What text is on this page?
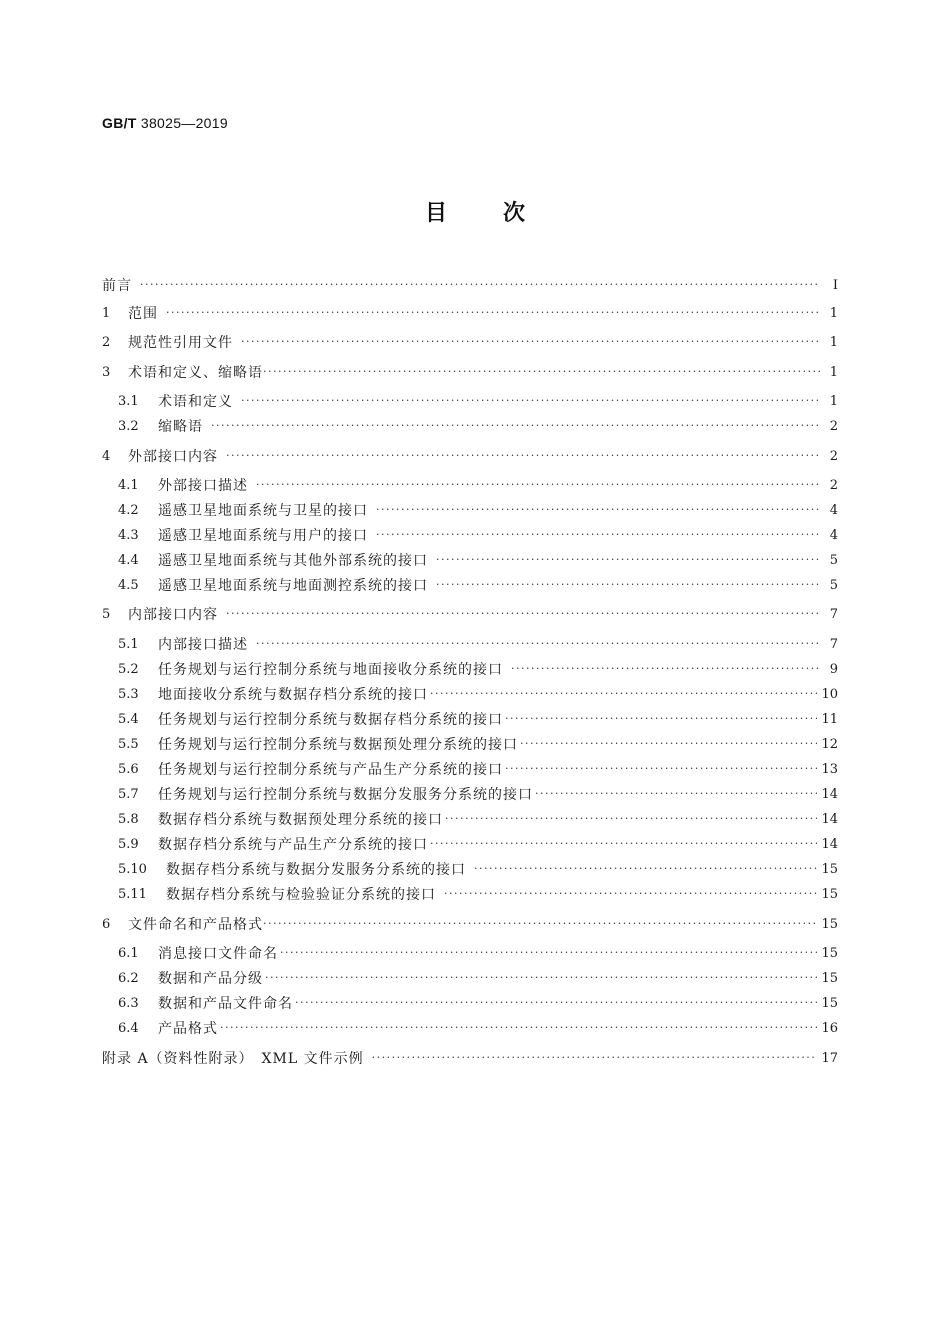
GB/T 38025—2019
目	次
前言 ·····	Ⅰ
1	范围 ·····	1
2	规范性引用文件 ·····	1
3	术语和定义、缩略语 ·····	1
3.1	术语和定义 ·····	1
3.2	缩略语 ·····	2
4	外部接口内容 ·····	2
4.1	外部接口描述 ·····	2
4.2	遥感卫星地面系统与卫星的接口 ·····	4
4.3	遥感卫星地面系统与用户的接口 ·····	4
4.4	遥感卫星地面系统与其他外部系统的接口 ·····	5
4.5	遥感卫星地面系统与地面测控系统的接口 ·····	5
5	内部接口内容 ·····	7
5.1	内部接口描述 ·····	7
5.2	任务规划与运行控制分系统与地面接收分系统的接口 ·····	9
5.3	地面接收分系统与数据存档分系统的接口 ·····	10
5.4	任务规划与运行控制分系统与数据存档分系统的接口 ·····	11
5.5	任务规划与运行控制分系统与数据预处理分系统的接口 ·····	12
5.6	任务规划与运行控制分系统与产品生产分系统的接口 ·····	13
5.7	任务规划与运行控制分系统与数据分发服务分系统的接口 ·····	14
5.8	数据存档分系统与数据预处理分系统的接口 ·····	14
5.9	数据存档分系统与产品生产分系统的接口 ·····	14
5.10	数据存档分系统与数据分发服务分系统的接口 ·····	15
5.11	数据存档分系统与检验验证分系统的接口 ·····	15
6	文件命名和产品格式 ·····	15
6.1	消息接口文件命名 ·····	15
6.2	数据和产品分级 ·····	15
6.3	数据和产品文件命名 ·····	15
6.4	产品格式 ·····	16
附录 A（资料性附录）　XML 文件示例 ·····	17
